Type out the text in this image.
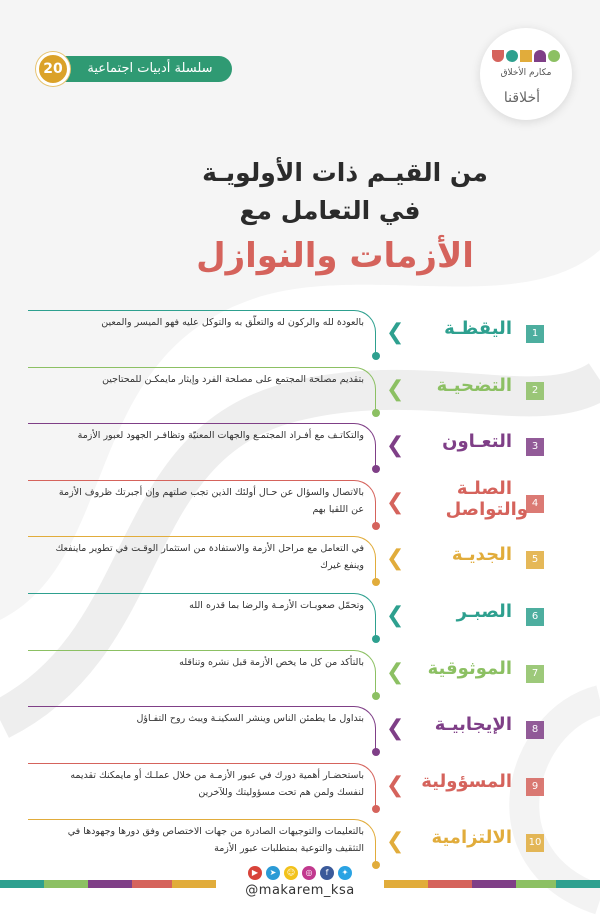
سلسلة أدبيات اجتماعية
20	مكارم الأخلاق
أخلاقنا
من القيـم ذات الأولويـة
في التعامل مع
الأزمات والنوازل
1
اليقظـة
❮
بالعودة لله والركون له والتعلّق به والتوكل عليه فهو الميسر والمعين
2
التضحيـة
❮
بتقديم مصلحة المجتمع على مصلحة الفرد وإيثار مايمكـن للمحتاجين
3
التعـاون
❮
والتكاتـف مع أفـراد المجتمـع والجهات المعنيّة وتظافـر الجهود لعبور الأزمة
4
الصلـة
والتواصل
❮
بالاتصال والسؤال عن حـال أولئك الذين تجب صلتهم وإن أجبرتك ظروف الأزمة عن اللقيا بهم
5
الجديـة
❮
في التعامل مع مراحل الأزمة والاستفادة من استثمار الوقـت في تطوير ماينفعك وينفع غيرك
6
الصبـر
❮
وتحمّل صعوبـات الأزمـة والرضا بما قدره الله
7
الموثوقية
❮
بالتأكد من كل ما يخص الأزمة قبل نشره وتناقله
8
الإيجابيـة
❮
بتداول ما يطمئن الناس وينشر السكينـة ويبث روح التفـاؤل
9
المسؤولية
❮
باستحضـار أهمية دورك في عبور الأزمـة من خلال عملـك أو مايمكنك تقديمه لنفسك ولمن هم تحت مسؤوليتك وللآخرين
10
الالتزامية
❮
بالتعليمات والتوجيهات الصادرة من جهات الاختصاص وفق دورها وجهودها في التثقيف والتوعية بمتطلبات عبور الأزمة
▶ ➤ ☺ ◎ f ✦
@makarem_ksa
